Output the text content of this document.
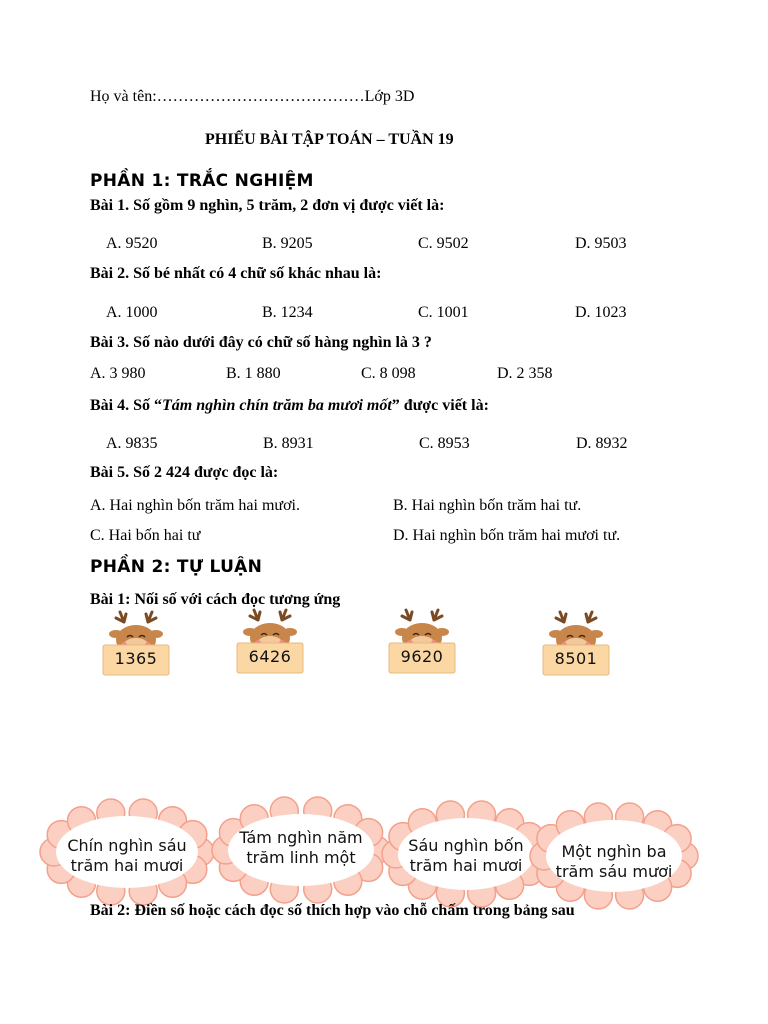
Họ và tên:…………………………………Lớp 3D
PHIẾU BÀI TẬP TOÁN – TUẦN 19
PHẦN 1: TRẮC NGHIỆM
Bài 1. Số gồm 9 nghìn, 5 trăm, 2 đơn vị được viết là:
A. 9520	B. 9205	C. 9502	D. 9503
Bài 2. Số bé nhất có 4 chữ số khác nhau là:
A. 1000	B. 1234	C. 1001	D. 1023
Bài 3. Số nào dưới đây có chữ số hàng nghìn là 3 ?
A. 3 980	B. 1 880	C. 8 098	D. 2 358
Bài 4. Số “Tám nghìn chín trăm ba mươi mốt” được viết là:
A. 9835	B. 8931	C. 8953	D. 8932
Bài 5. Số 2 424 được đọc là:
A. Hai nghìn bốn trăm hai mươi.	B. Hai nghìn bốn trăm hai tư.
C. Hai bốn hai tư	D. Hai nghìn bốn trăm hai mươi tư.
PHẦN 2: TỰ LUẬN
Bài 1: Nối số với cách đọc tương ứng
1365	6426	9620	8501
Chín nghìn sáu trăm hai mươi
Tám nghìn năm trăm linh một
Sáu nghìn bốn trăm hai mươi
Một nghìn ba trăm sáu mươi
Bài 2: Điền số hoặc cách đọc số thích hợp vào chỗ chấm trong bảng sau
